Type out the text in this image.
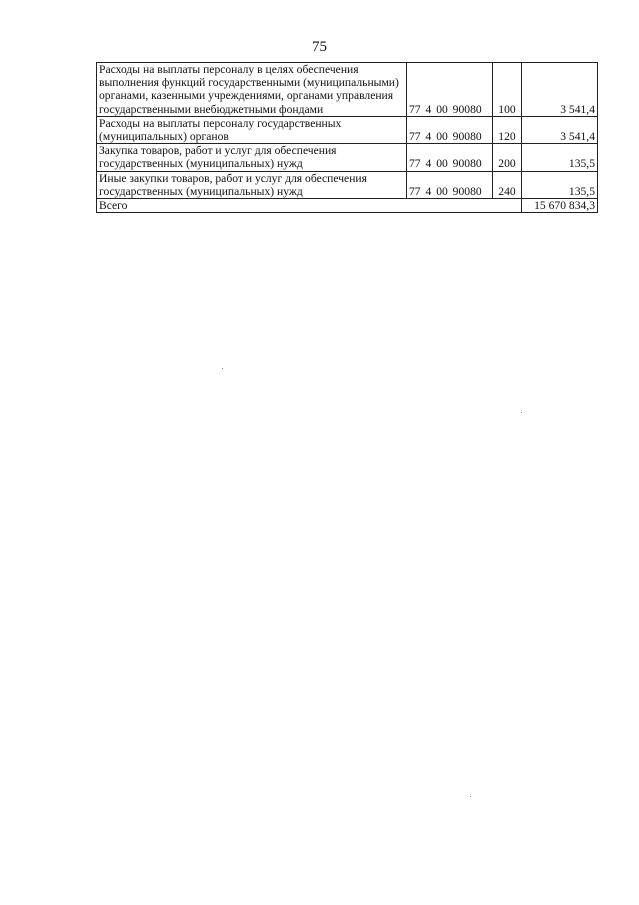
75
Расходы на выплаты персоналу в целях обеспечения выполнения функций государственными (муниципальными) органами, казенными учреждениями, органами управления государственными внебюджетными фондами	77 4 00 90080	100	3 541,4
Расходы на выплаты персоналу государственных (муниципальных) органов	77 4 00 90080	120	3 541,4
Закупка товаров, работ и услуг для обеспечения государственных (муниципальных) нужд	77 4 00 90080	200	135,5
Иные закупки товаров, работ и услуг для обеспечения государственных (муниципальных) нужд	77 4 00 90080	240	135,5
Всего			15 670 834,3
